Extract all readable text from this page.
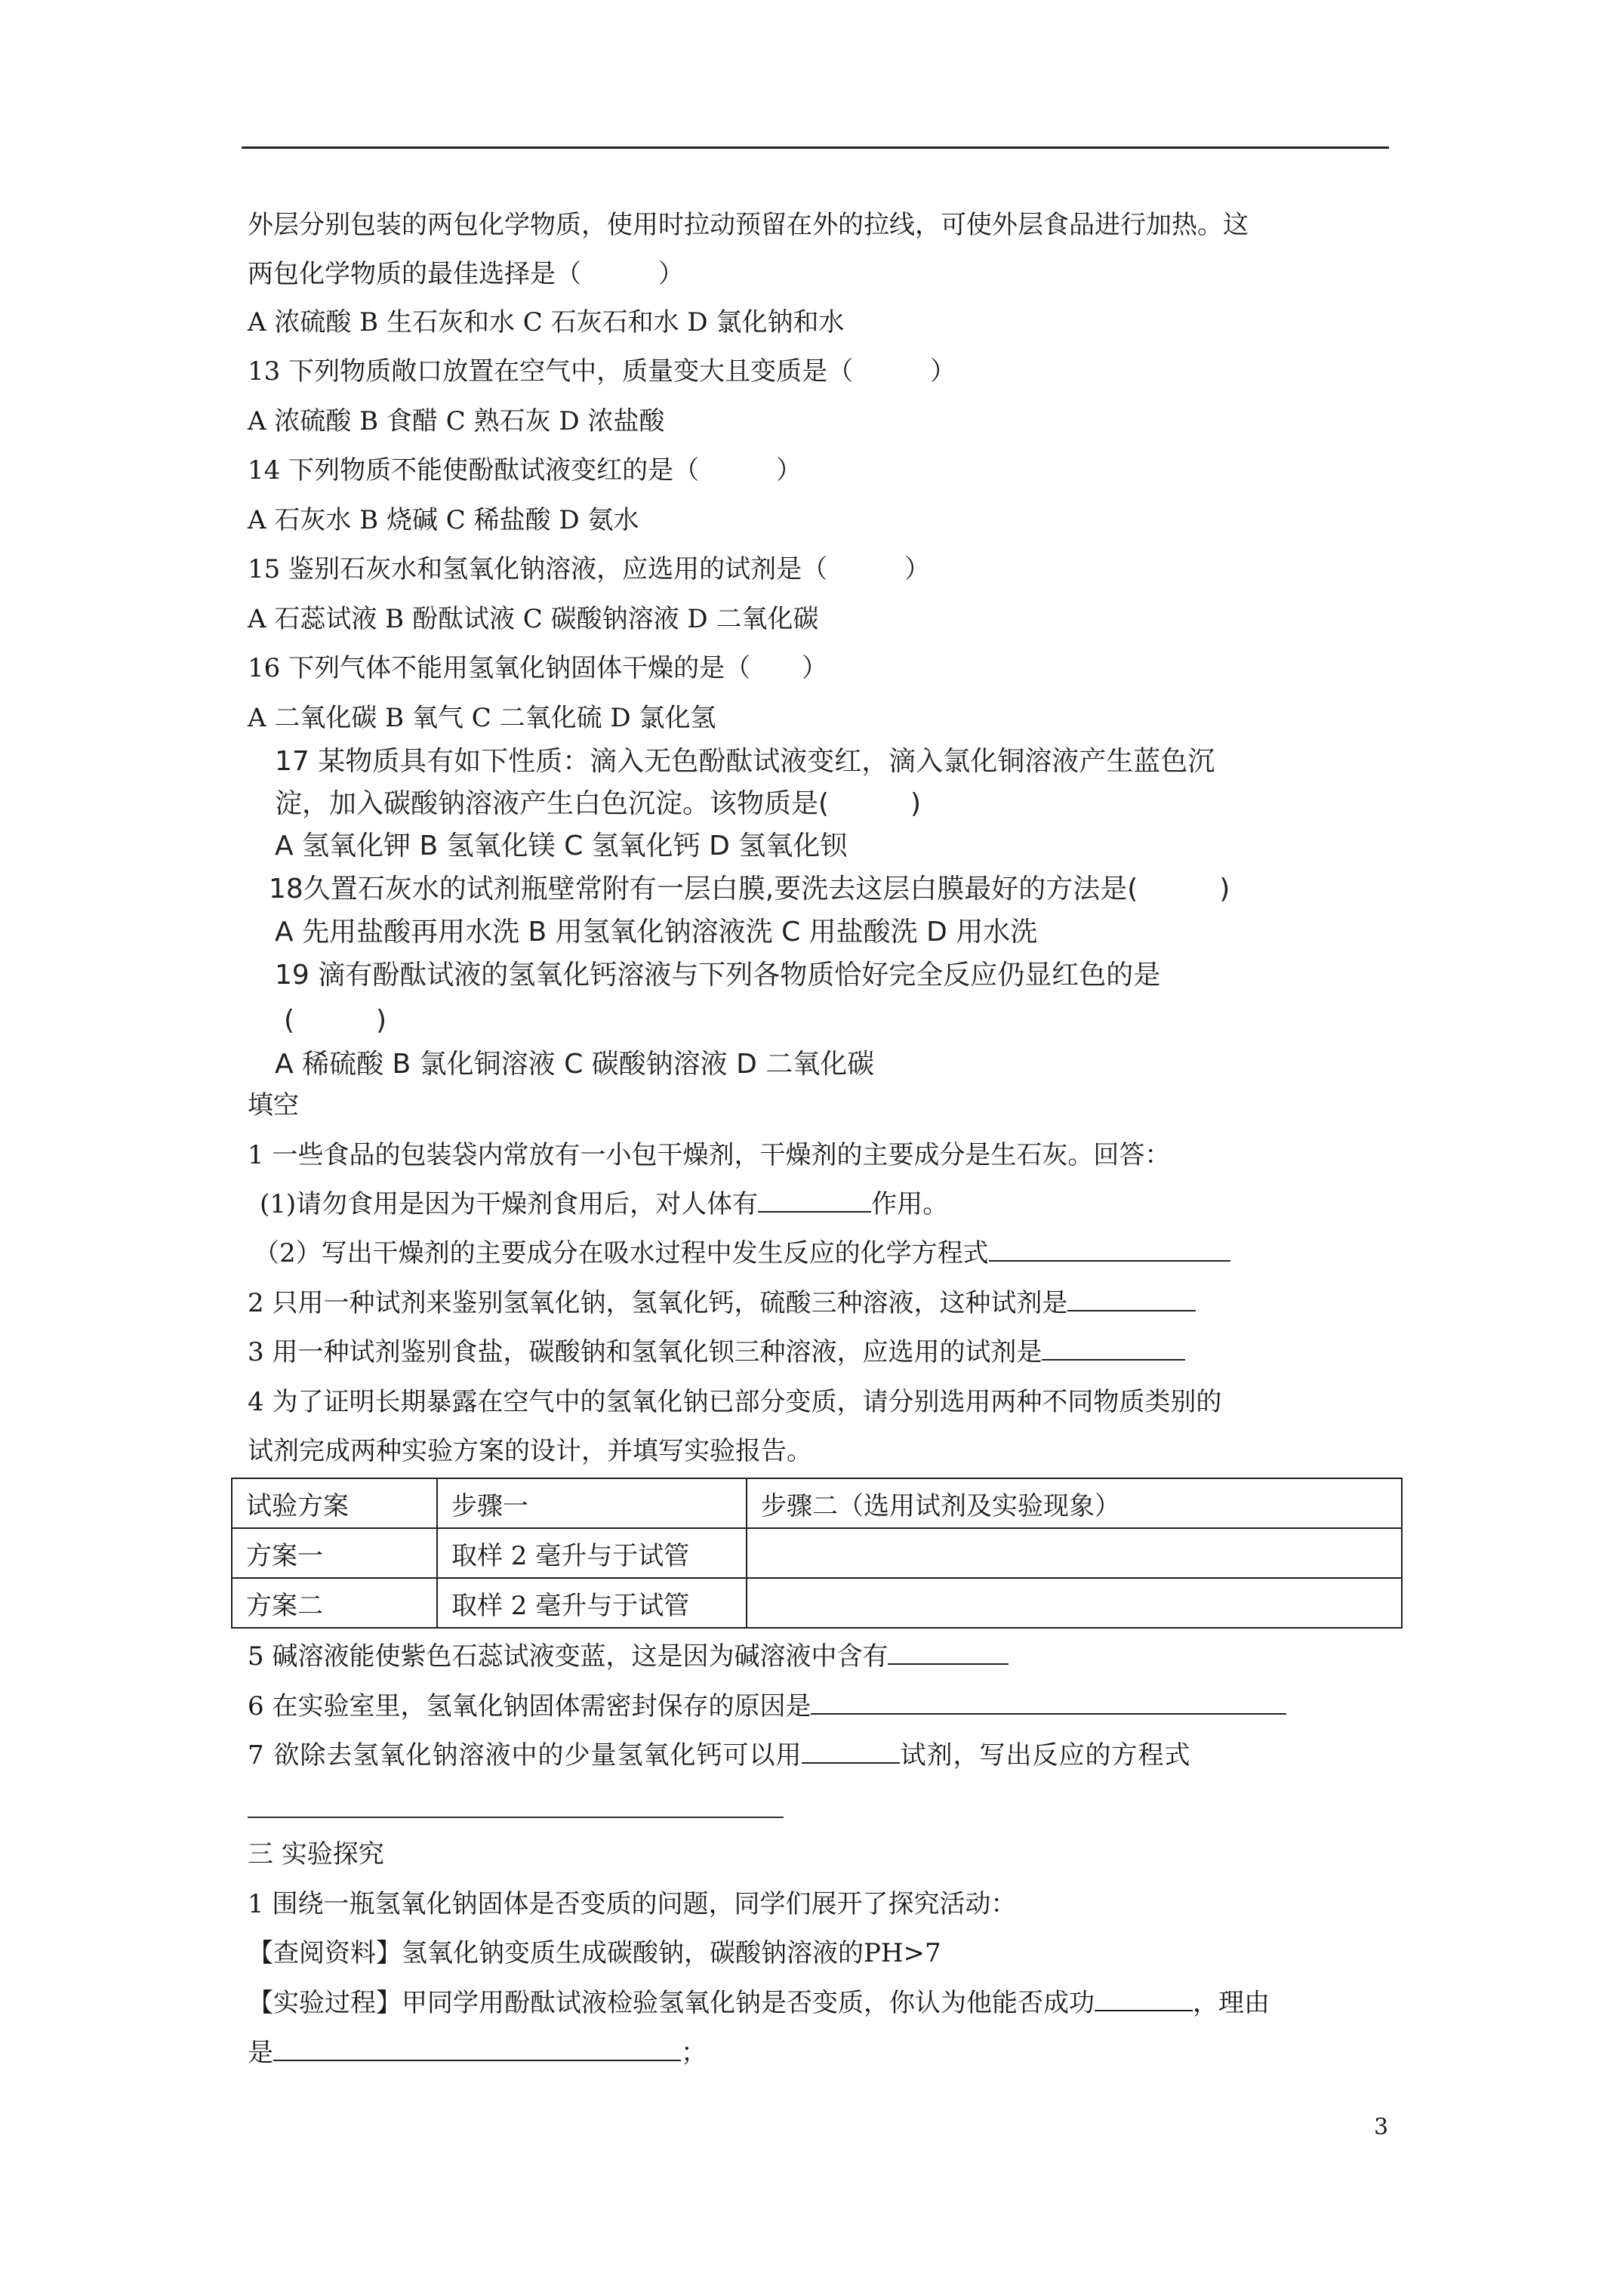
外层分别包装的两包化学物质，使用时拉动预留在外的拉线，可使外层食品进行加热。这
两包化学物质的最佳选择是（　　　）
A 浓硫酸 B 生石灰和水 C 石灰石和水 D 氯化钠和水
13 下列物质敞口放置在空气中，质量变大且变质是（　　　）
A 浓硫酸 B 食醋 C 熟石灰 D 浓盐酸
14 下列物质不能使酚酞试液变红的是（　　　）
A 石灰水 B 烧碱 C 稀盐酸 D 氨水
15 鉴别石灰水和氢氧化钠溶液，应选用的试剂是（　　　）
A 石蕊试液 B 酚酞试液 C 碳酸钠溶液 D 二氧化碳
16 下列气体不能用氢氧化钠固体干燥的是（　　）
A 二氧化碳 B 氧气 C 二氧化硫 D 氯化氢
17 某物质具有如下性质：滴入无色酚酞试液变红，滴入氯化铜溶液产生蓝色沉
淀，加入碳酸钠溶液产生白色沉淀。该物质是(　　　)
A 氢氧化钾 B 氢氧化镁 C 氢氧化钙 D 氢氧化钡
18久置石灰水的试剂瓶壁常附有一层白膜,要洗去这层白膜最好的方法是(　　　)
A 先用盐酸再用水洗 B 用氢氧化钠溶液洗 C 用盐酸洗 D 用水洗
19 滴有酚酞试液的氢氧化钙溶液与下列各物质恰好完全反应仍显红色的是
(　　　)
A 稀硫酸 B 氯化铜溶液 C 碳酸钠溶液 D 二氧化碳
填空
1 一些食品的包装袋内常放有一小包干燥剂，干燥剂的主要成分是生石灰。回答：
(1)请勿食用是因为干燥剂食用后，对人体有	作用。
（2）写出干燥剂的主要成分在吸水过程中发生反应的化学方程式
2 只用一种试剂来鉴别氢氧化钠，氢氧化钙，硫酸三种溶液，这种试剂是
3 用一种试剂鉴别食盐，碳酸钠和氢氧化钡三种溶液，应选用的试剂是
4 为了证明长期暴露在空气中的氢氧化钠已部分变质，请分别选用两种不同物质类别的
试剂完成两种实验方案的设计，并填写实验报告。
试验方案	步骤一	步骤二（选用试剂及实验现象）
方案一	取样 2 毫升与于试管	
方案二	取样 2 毫升与于试管	
5 碱溶液能使紫色石蕊试液变蓝，这是因为碱溶液中含有
6 在实验室里，氢氧化钠固体需密封保存的原因是
7 欲除去氢氧化钠溶液中的少量氢氧化钙可以用	试剂，写出反应的方程式
三 实验探究
1 围绕一瓶氢氧化钠固体是否变质的问题，同学们展开了探究活动：
【查阅资料】氢氧化钠变质生成碳酸钠，碳酸钠溶液的PH>7
【实验过程】甲同学用酚酞试液检验氢氧化钠是否变质，你认为他能否成功	，理由
是	；
3
